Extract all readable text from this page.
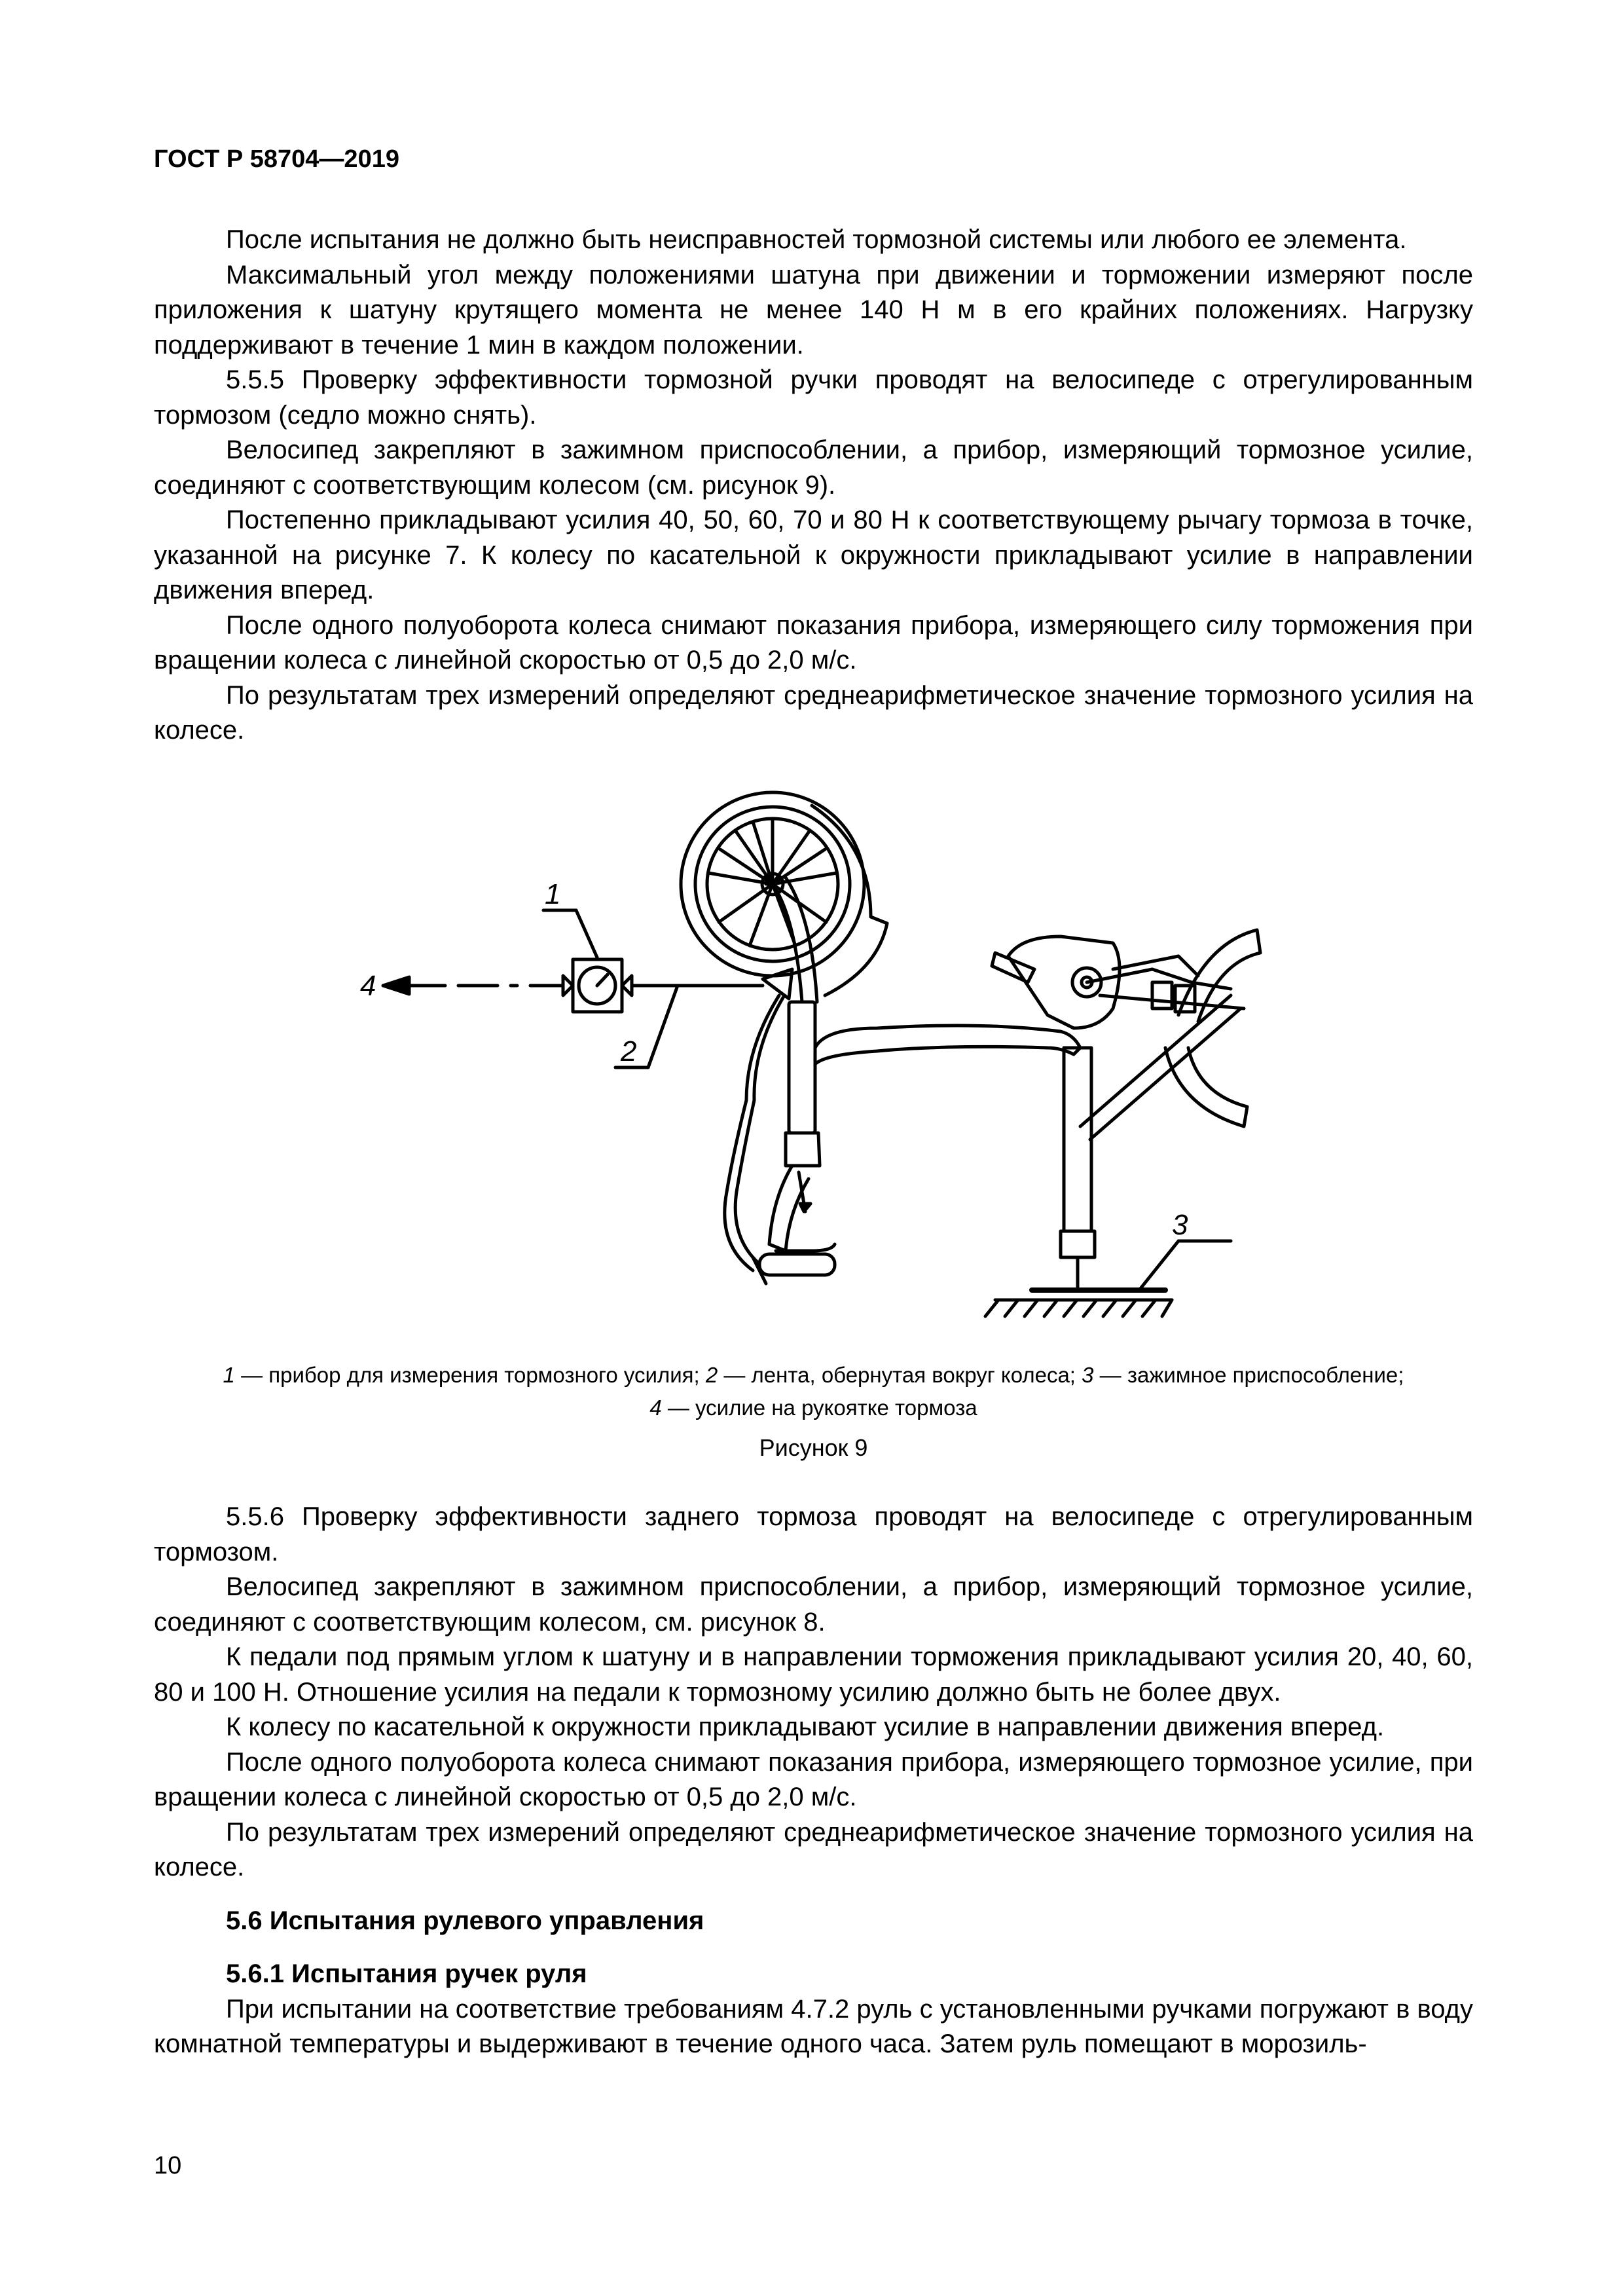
ГОСТ Р 58704—2019

После испытания не должно быть неисправностей тормозной системы или любого ее элемента.

Максимальный угол между положениями шатуна при движении и торможении измеряют после приложения к шатуну крутящего момента не менее 140 Н м в его крайних положениях. Нагрузку поддерживают в течение 1 мин в каждом положении.

5.5.5 Проверку эффективности тормозной ручки проводят на велосипеде с отрегулированным тормозом (седло можно снять).

Велосипед закрепляют в зажимном приспособлении, а прибор, измеряющий тормозное усилие, соединяют с соответствующим колесом (см. рисунок 9).

Постепенно прикладывают усилия 40, 50, 60, 70 и 80 Н к соответствующему рычагу тормоза в точке, указанной на рисунке 7. К колесу по касательной к окружности прикладывают усилие в направлении движения вперед.

После одного полуоборота колеса снимают показания прибора, измеряющего силу торможения при вращении колеса с линейной скоростью от 0,5 до 2,0 м/с.

По результатам трех измерений определяют среднеарифметическое значение тормозного усилия на колесе.

1
2
3
4
1 — прибор для измерения тормозного усилия; 2 — лента, обернутая вокруг колеса; 3 — зажимное приспособление;
4 — усилие на рукоятке тормоза
Рисунок 9

5.5.6 Проверку эффективности заднего тормоза проводят на велосипеде с отрегулированным тормозом.

Велосипед закрепляют в зажимном приспособлении, а прибор, измеряющий тормозное усилие, соединяют с соответствующим колесом, см. рисунок 8.

К педали под прямым углом к шатуну и в направлении торможения прикладывают усилия 20, 40, 60, 80 и 100 Н. Отношение усилия на педали к тормозному усилию должно быть не более двух.

К колесу по касательной к окружности прикладывают усилие в направлении движения вперед.

После одного полуоборота колеса снимают показания прибора, измеряющего тормозное усилие, при вращении колеса с линейной скоростью от 0,5 до 2,0 м/с.

По результатам трех измерений определяют среднеарифметическое значение тормозного усилия на колесе.

5.6 Испытания рулевого управления

5.6.1 Испытания ручек руля

При испытании на соответствие требованиям 4.7.2 руль с установленными ручками погружают в воду комнатной температуры и выдерживают в течение одного часа. Затем руль помещают в морозиль-

10
